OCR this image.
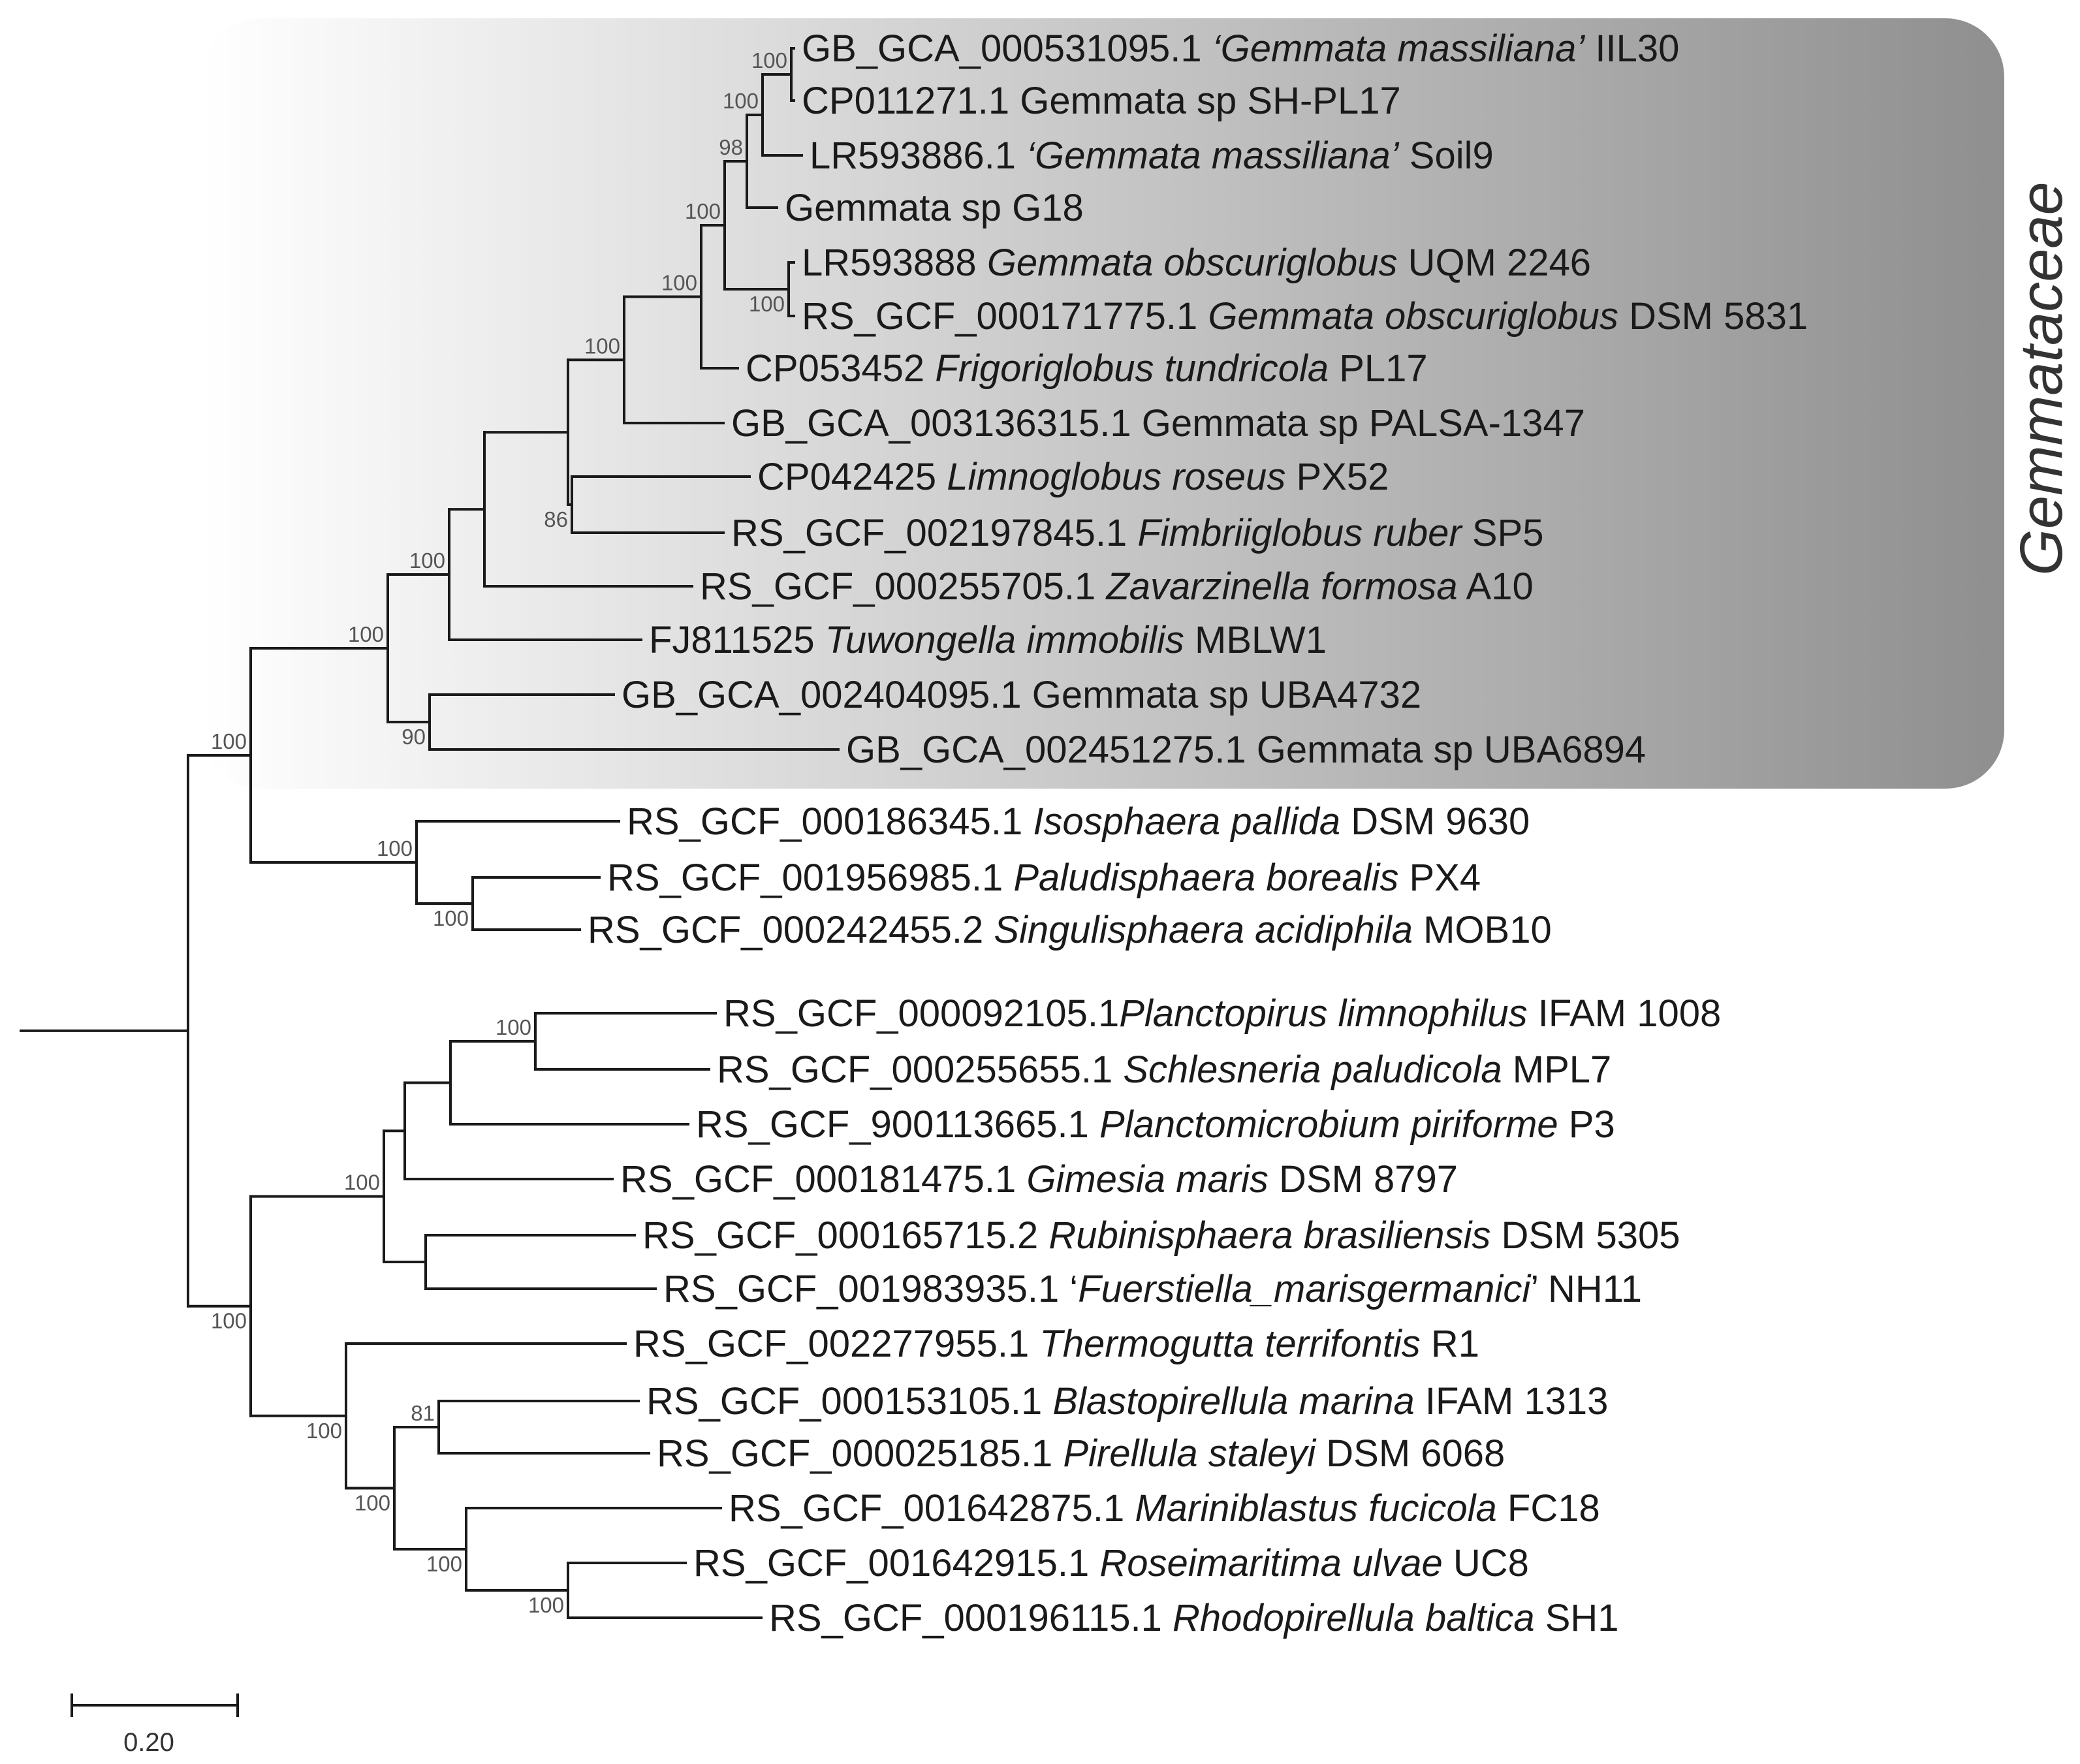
100
100
98
100
100
100
100
86
100
100
90
100
100
100
100
100
100
100
100
81
100
100
GB_GCA_000531095.1 ‘Gemmata massiliana’ IIL30
CP011271.1 Gemmata sp SH-PL17
LR593886.1 ‘Gemmata massiliana’ Soil9
Gemmata sp G18
LR593888 Gemmata obscuriglobus UQM 2246
RS_GCF_000171775.1 Gemmata obscuriglobus DSM 5831
CP053452 Frigoriglobus tundricola PL17
GB_GCA_003136315.1 Gemmata sp PALSA-1347
CP042425 Limnoglobus roseus PX52
RS_GCF_002197845.1 Fimbriiglobus ruber SP5
RS_GCF_000255705.1 Zavarzinella formosa A10
FJ811525 Tuwongella immobilis MBLW1
GB_GCA_002404095.1 Gemmata sp UBA4732
GB_GCA_002451275.1 Gemmata sp UBA6894
RS_GCF_000186345.1 Isosphaera pallida DSM 9630
RS_GCF_001956985.1 Paludisphaera borealis PX4
RS_GCF_000242455.2 Singulisphaera acidiphila MOB10
RS_GCF_000092105.1Planctopirus limnophilus IFAM 1008
RS_GCF_000255655.1 Schlesneria paludicola MPL7
RS_GCF_900113665.1 Planctomicrobium piriforme P3
RS_GCF_000181475.1 Gimesia maris DSM 8797
RS_GCF_000165715.2 Rubinisphaera brasiliensis DSM 5305
RS_GCF_001983935.1 ‘Fuerstiella_marisgermanici’ NH11
RS_GCF_002277955.1 Thermogutta terrifontis R1
RS_GCF_000153105.1 Blastopirellula marina IFAM 1313
RS_GCF_000025185.1 Pirellula staleyi DSM 6068
RS_GCF_001642875.1 Mariniblastus fucicola FC18
RS_GCF_001642915.1 Roseimaritima ulvae UC8
RS_GCF_000196115.1 Rhodopirellula baltica SH1
Gemmataceae
0.20
